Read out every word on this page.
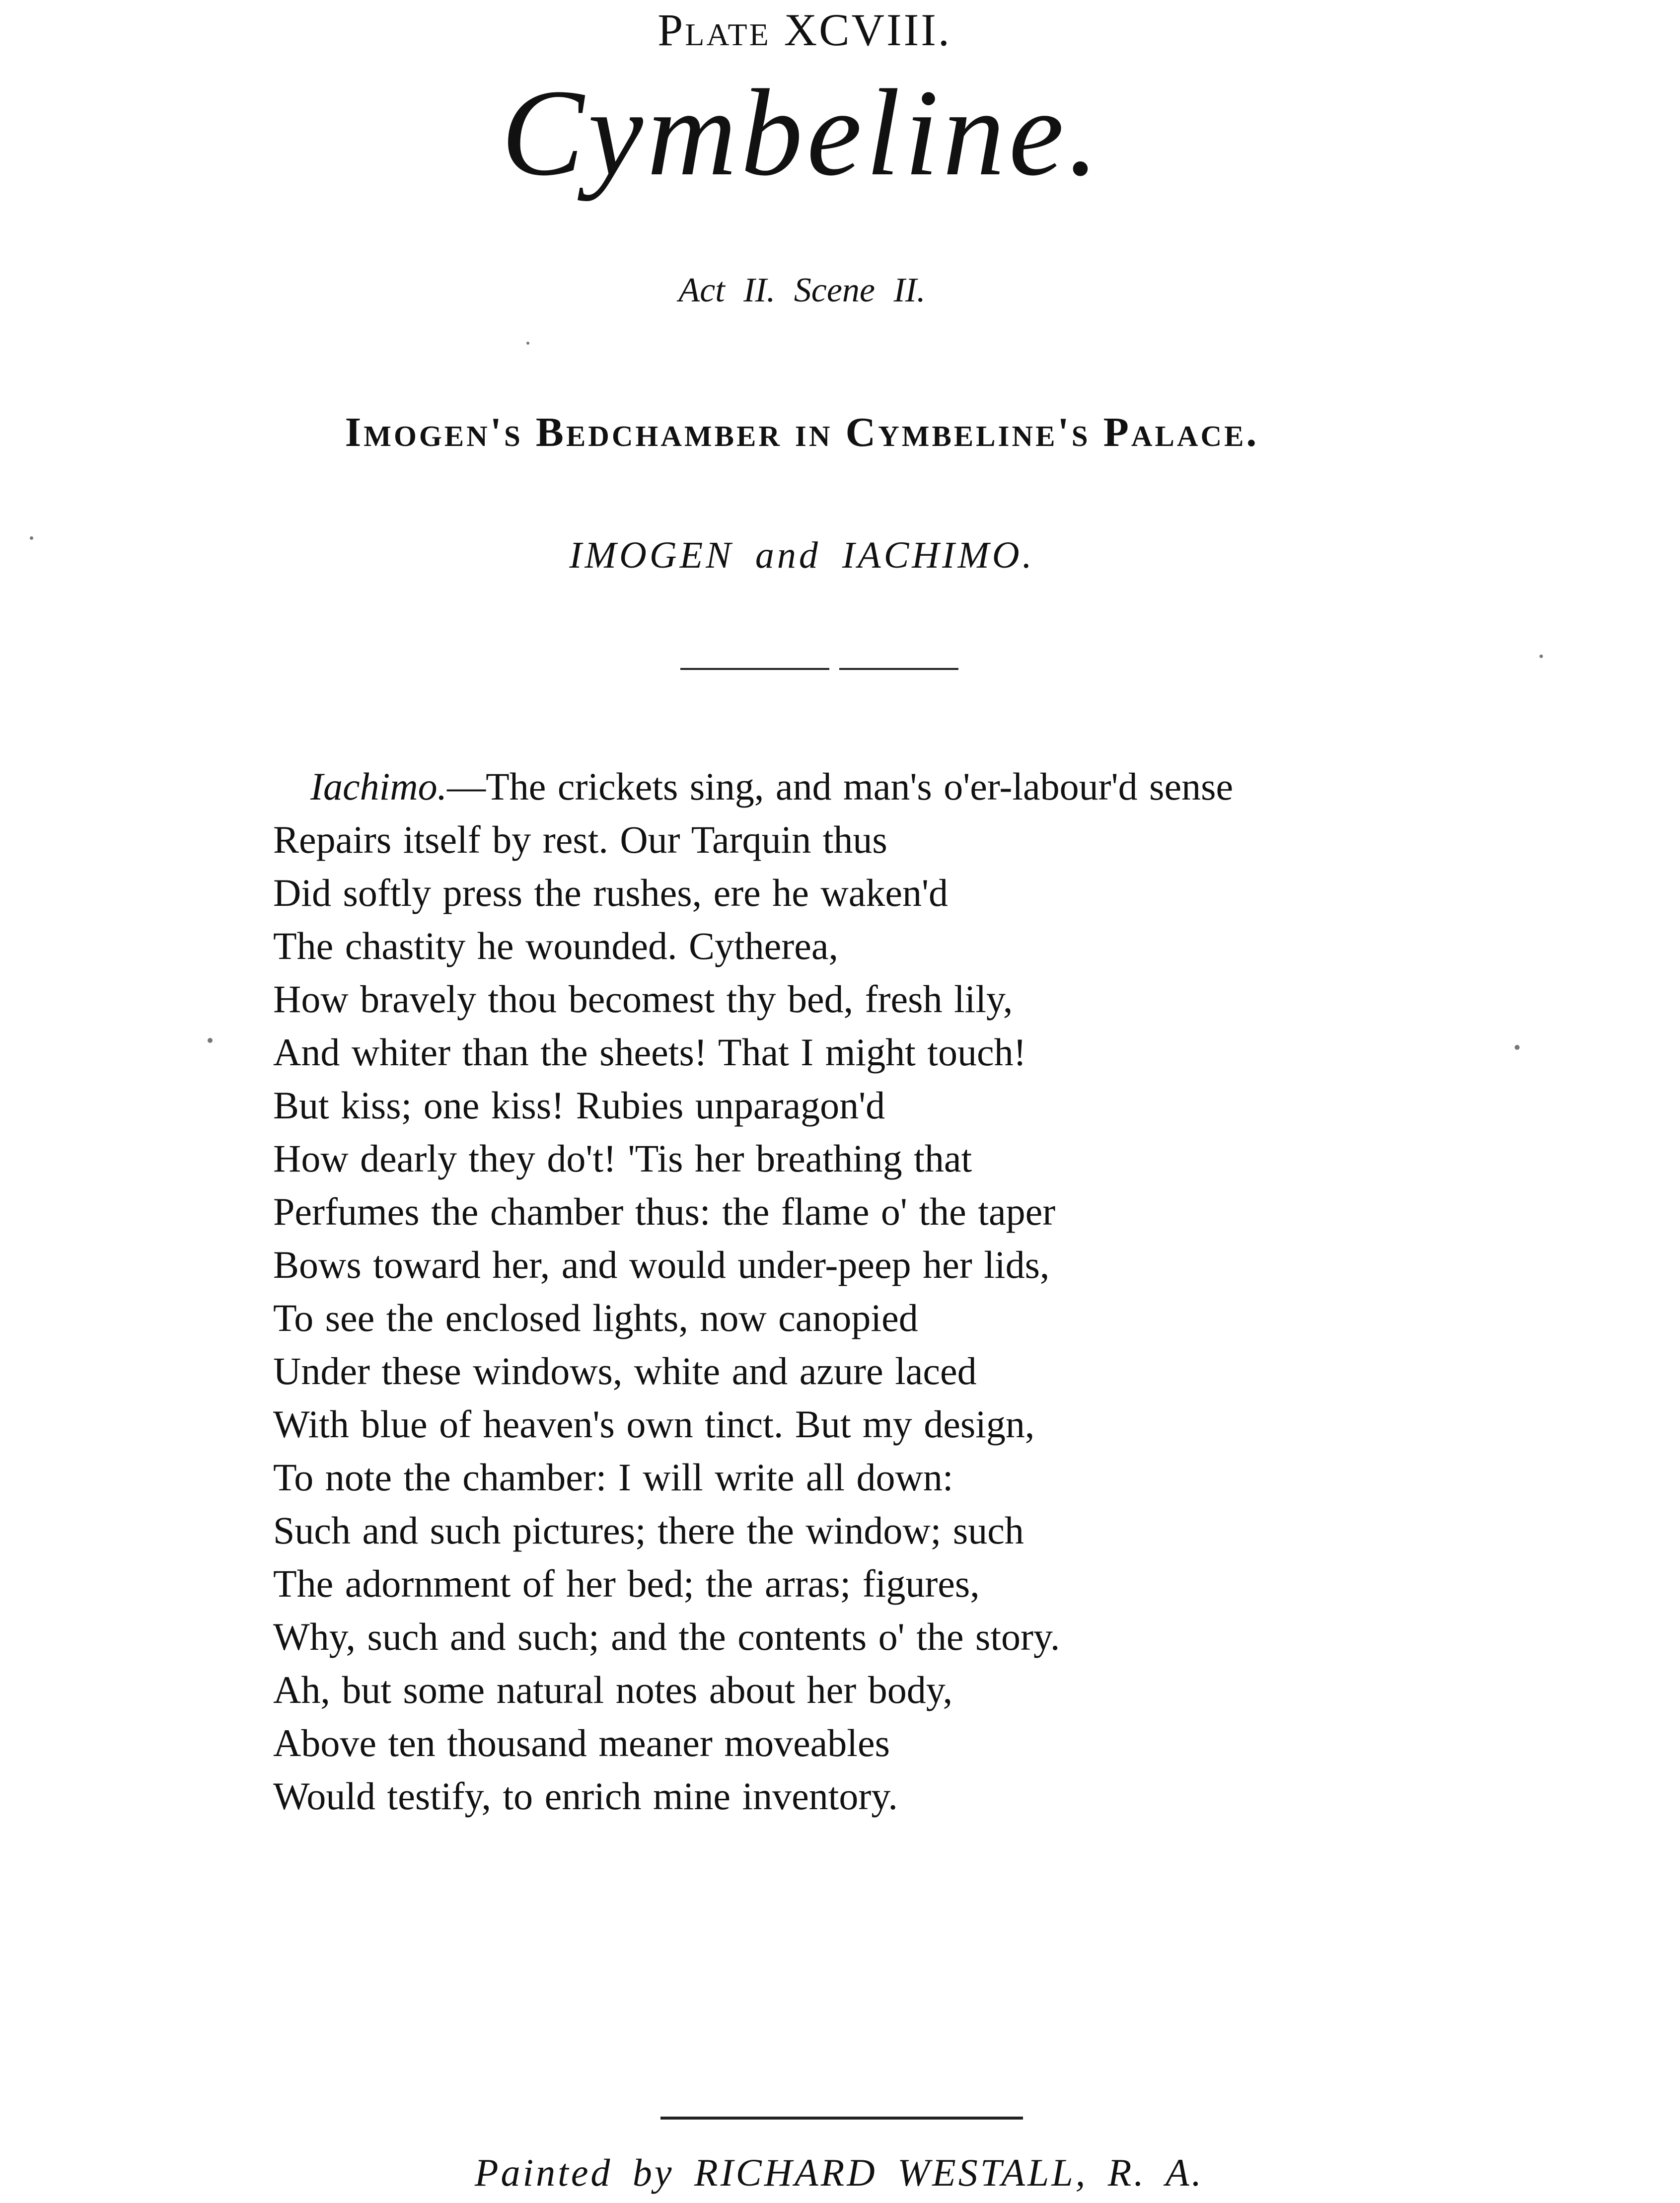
Plate XCVIII.
Cymbeline.
Act II. Scene II.
Imogen's Bedchamber in Cymbeline's Palace.
IMOGEN and IACHIMO.
Iachimo.—The crickets sing, and man's o'er-labour'd sense
Repairs itself by rest. Our Tarquin thus
Did softly press the rushes, ere he waken'd
The chastity he wounded. Cytherea,
How bravely thou becomest thy bed, fresh lily,
And whiter than the sheets! That I might touch!
But kiss; one kiss! Rubies unparagon'd
How dearly they do't! 'Tis her breathing that
Perfumes the chamber thus: the flame o' the taper
Bows toward her, and would under-peep her lids,
To see the enclosed lights, now canopied
Under these windows, white and azure laced
With blue of heaven's own tinct. But my design,
To note the chamber: I will write all down:
Such and such pictures; there the window; such
The adornment of her bed; the arras; figures,
Why, such and such; and the contents o' the story.
Ah, but some natural notes about her body,
Above ten thousand meaner moveables
Would testify, to enrich mine inventory.
Painted by RICHARD WESTALL, R. A.
